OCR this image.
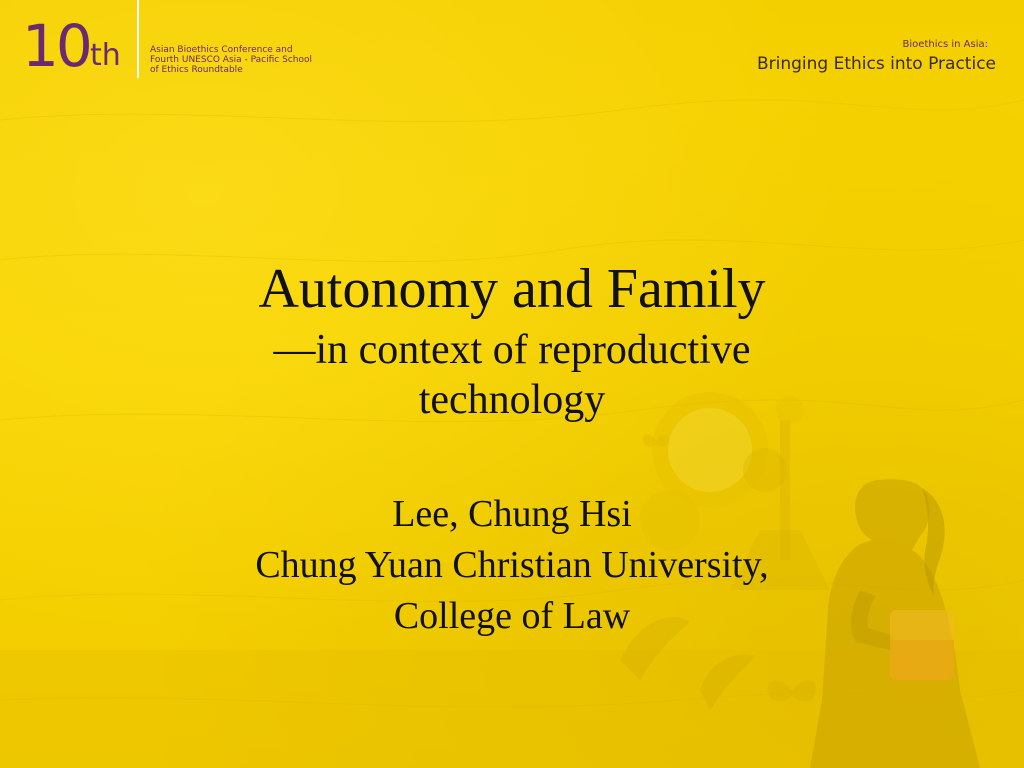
10 th	Asian Bioethics Conference and
Fourth UNESCO Asia - Pacific School
of Ethics Roundtable
Bioethics in Asia:
Bringing Ethics into Practice
Autonomy and Family
—in context of reproductive
technology
Lee, Chung Hsi
Chung Yuan Christian University,
College of Law
